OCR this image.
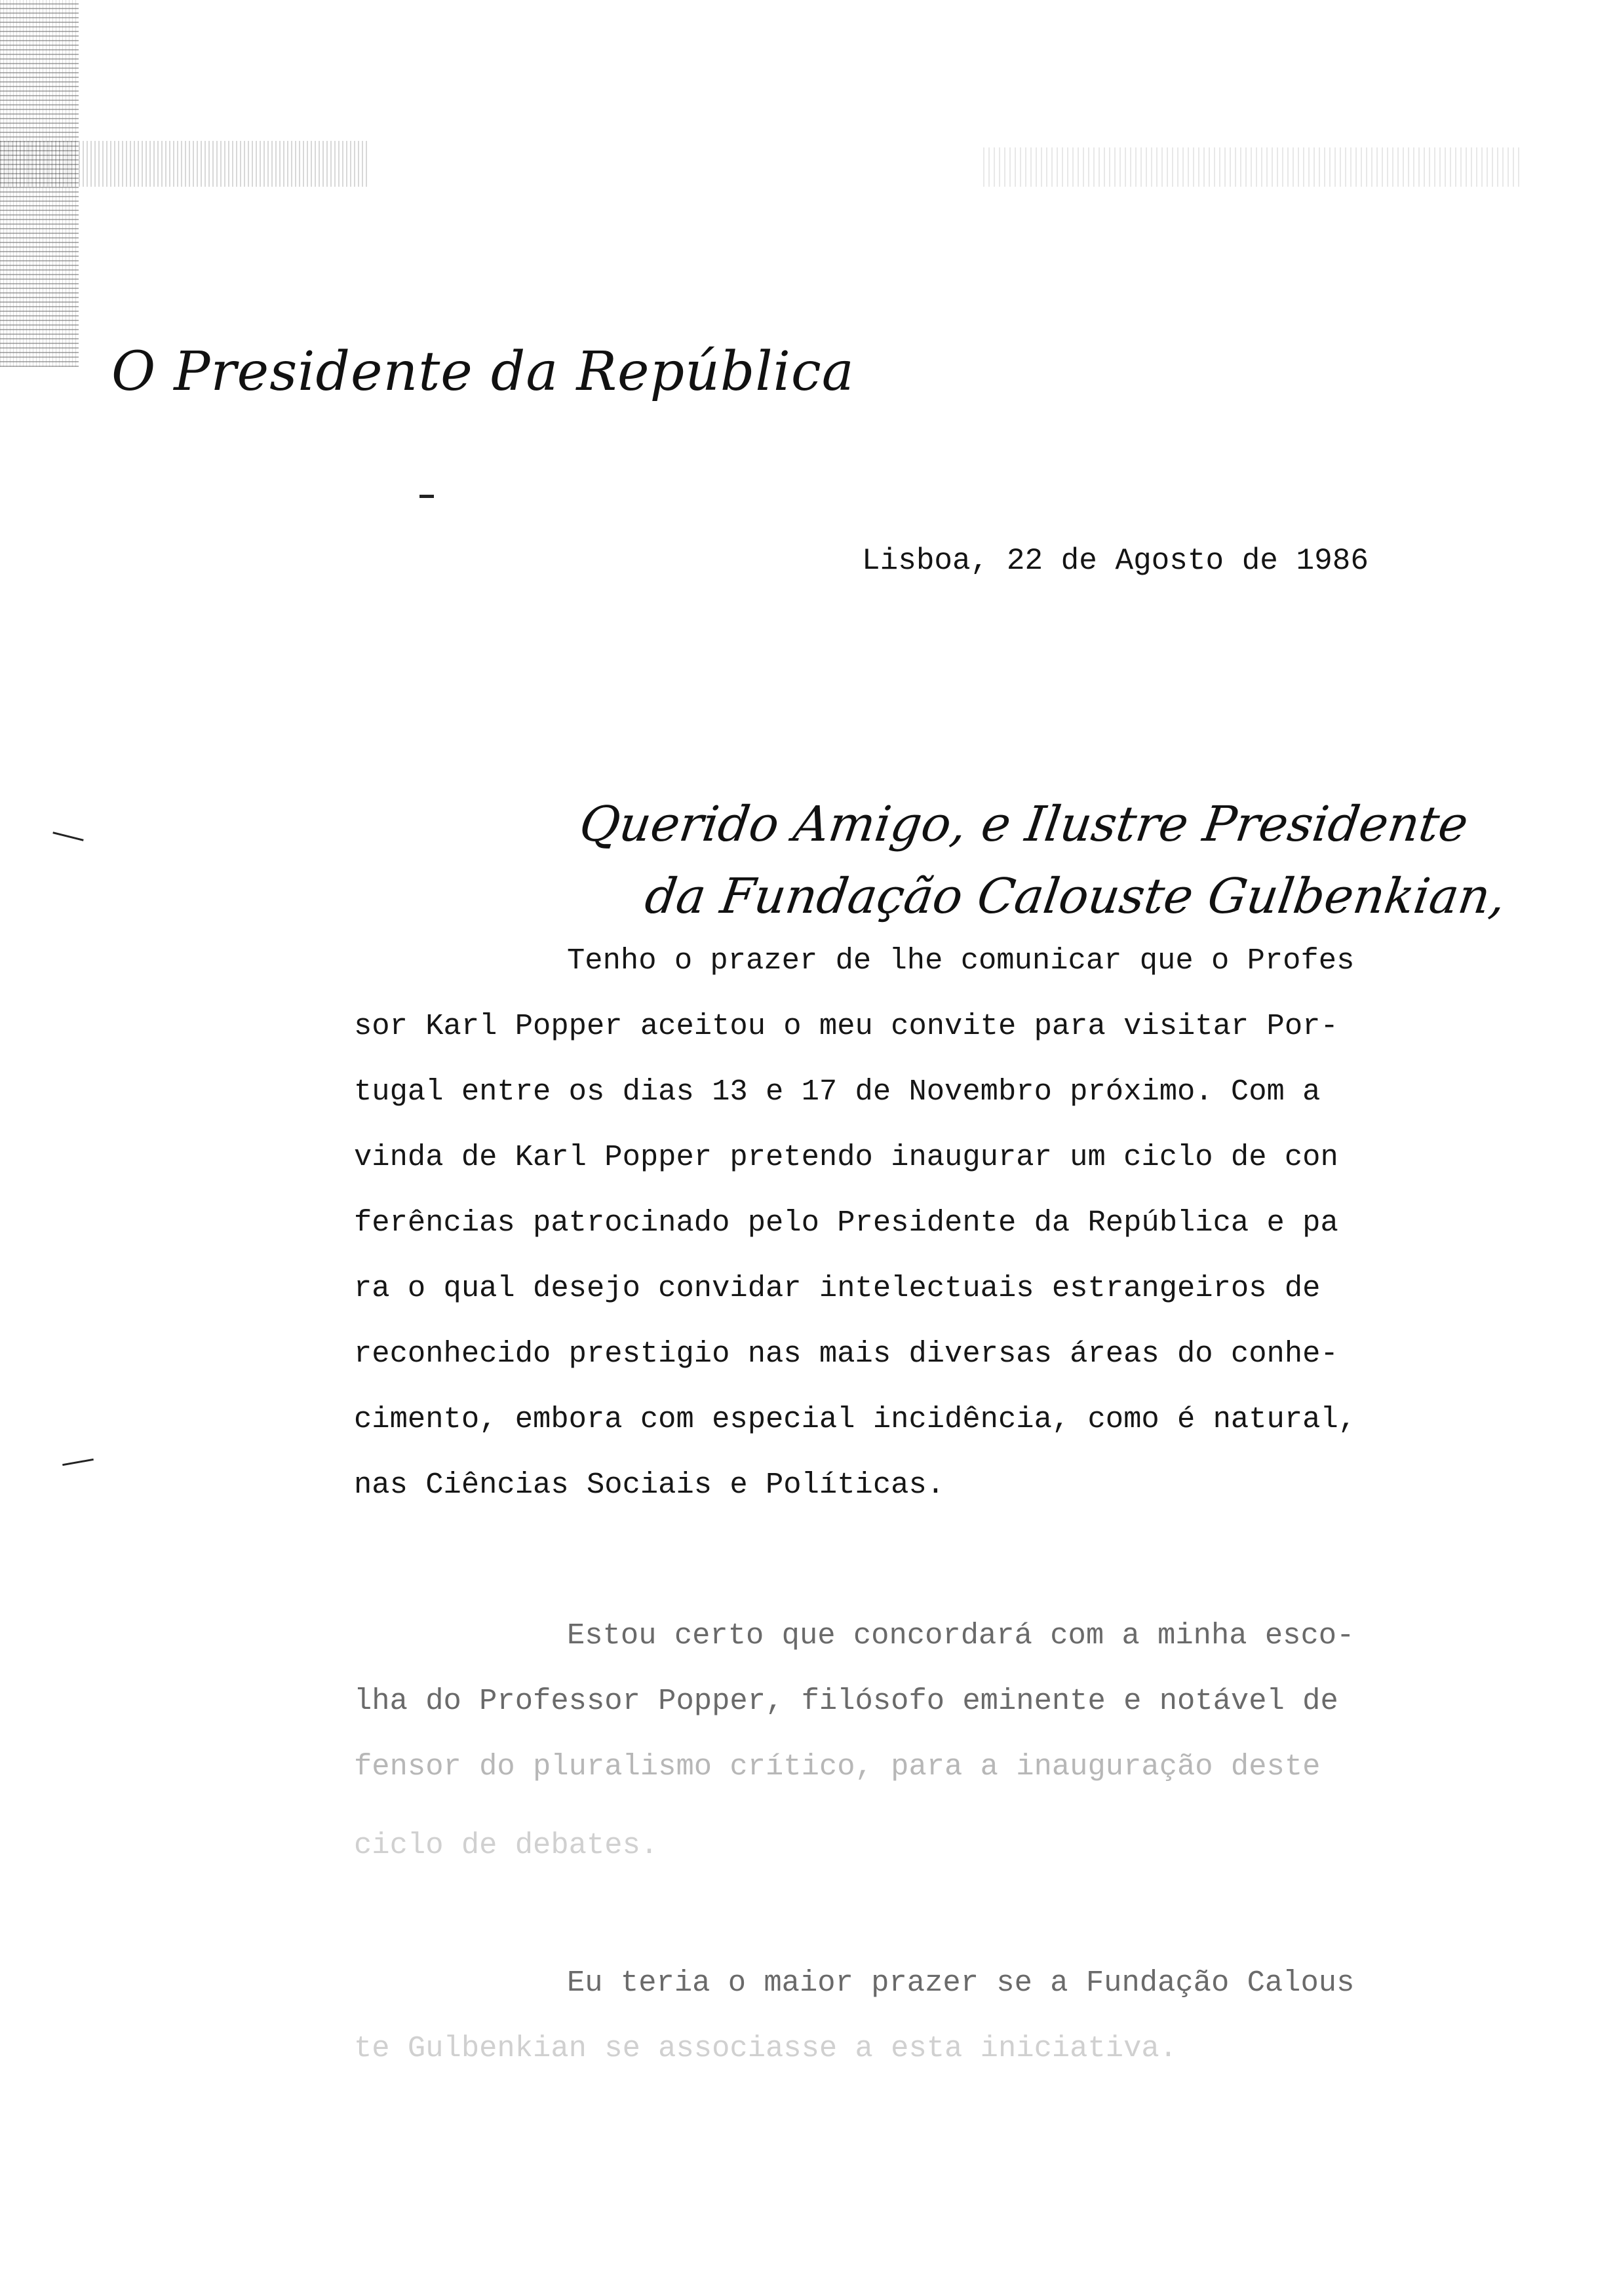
O Presidente da República
Lisboa, 22 de Agosto de 1986
Querido Amigo, e Ilustre Presidente
da Fundação Calouste Gulbenkian,
Tenho o prazer de lhe comunicar que o Profes
sor Karl Popper aceitou o meu convite para visitar Por-
tugal entre os dias 13 e 17 de Novembro próximo. Com a
vinda de Karl Popper pretendo inaugurar um ciclo de con
ferências patrocinado pelo Presidente da República e pa
ra o qual desejo convidar intelectuais estrangeiros de
reconhecido prestigio nas mais diversas áreas do conhe-
cimento, embora com especial incidência, como é natural,
nas Ciências Sociais e Políticas.
Estou certo que concordará com a minha esco-
lha do Professor Popper, filósofo eminente e notável de
fensor do pluralismo crítico, para a inauguração deste
ciclo de debates.
Eu teria o maior prazer se a Fundação Calous
te Gulbenkian se associasse a esta iniciativa.
